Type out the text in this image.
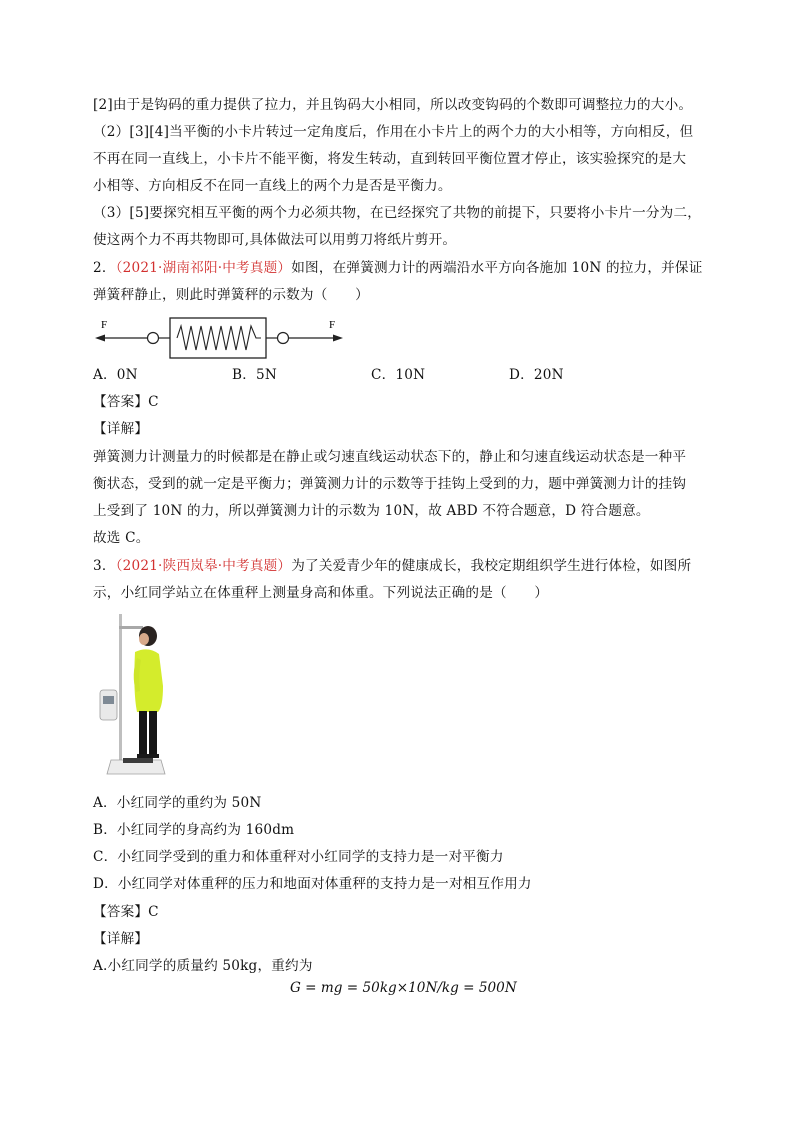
[2]由于是钩码的重力提供了拉力，并且钩码大小相同，所以改变钩码的个数即可调整拉力的大小。
（2）[3][4]当平衡的小卡片转过一定角度后，作用在小卡片上的两个力的大小相等，方向相反，但
不再在同一直线上，小卡片不能平衡，将发生转动，直到转回平衡位置才停止，该实验探究的是大
小相等、方向相反不在同一直线上的两个力是否是平衡力。
（3）[5]要探究相互平衡的两个力必须共物，在已经探究了共物的前提下，只要将小卡片一分为二，
使这两个力不再共物即可,具体做法可以用剪刀将纸片剪开。
2．（2021·湖南祁阳·中考真题）如图，在弹簧测力计的两端沿水平方向各施加 10N 的拉力，并保证
弹簧秤静止，则此时弹簧秤的示数为（　　）
F	F
A．0N	B．5N	C．10N	D．20N
【答案】C
【详解】
弹簧测力计测量力的时候都是在静止或匀速直线运动状态下的，静止和匀速直线运动状态是一种平
衡状态，受到的就一定是平衡力；弹簧测力计的示数等于挂钩上受到的力，题中弹簧测力计的挂钩
上受到了 10N 的力，所以弹簧测力计的示数为 10N，故 ABD 不符合题意，D 符合题意。
故选 C。
3．（2021·陕西岚皋·中考真题）为了关爱青少年的健康成长，我校定期组织学生进行体检，如图所
示，小红同学站立在体重秤上测量身高和体重。下列说法正确的是（　　）
A．小红同学的重约为 50N
B．小红同学的身高约为 160dm
C．小红同学受到的重力和体重秤对小红同学的支持力是一对平衡力
D．小红同学对体重秤的压力和地面对体重秤的支持力是一对相互作用力
【答案】C
【详解】
A.小红同学的质量约 50kg，重约为
G = mg = 50kg×10N/kg = 500N
